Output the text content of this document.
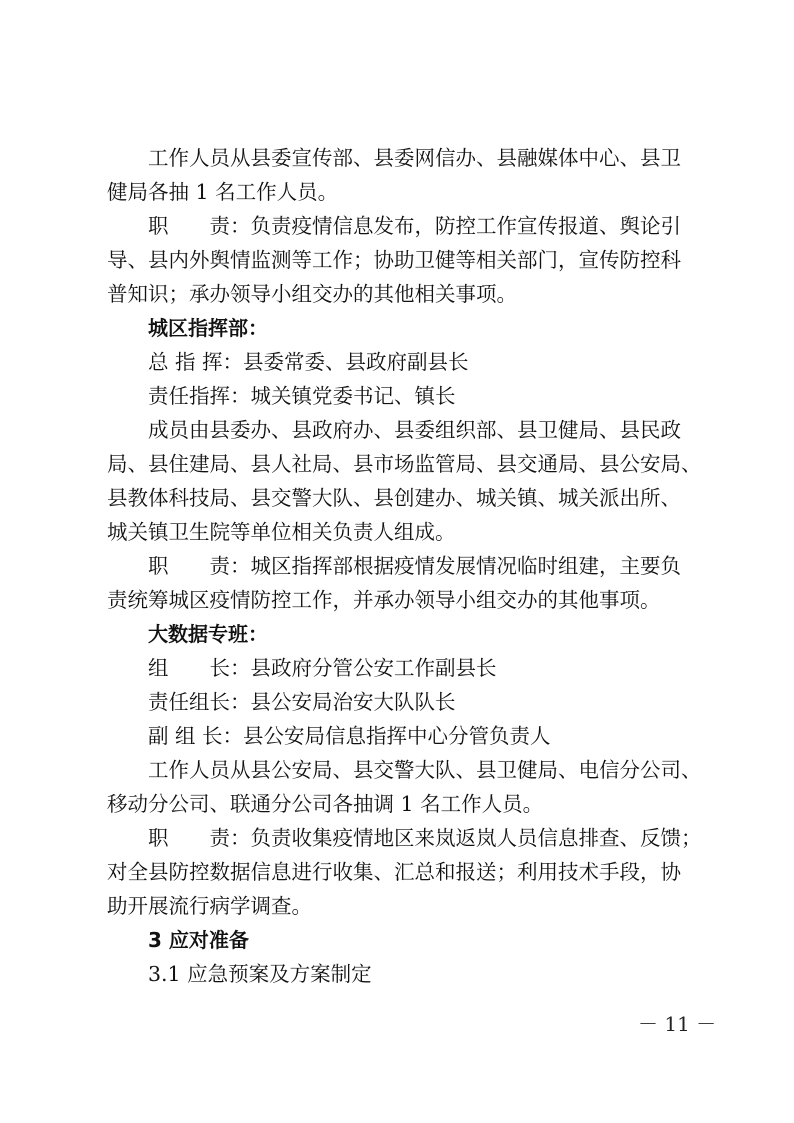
工作人员从县委宣传部、县委网信办、县融媒体中心、县卫
健局各抽 1 名工作人员。
职　　责：负责疫情信息发布，防控工作宣传报道、舆论引
导、县内外舆情监测等工作；协助卫健等相关部门，宣传防控科
普知识；承办领导小组交办的其他相关事项。
城区指挥部：
总 指 挥：县委常委、县政府副县长
责任指挥：城关镇党委书记、镇长
成员由县委办、县政府办、县委组织部、县卫健局、县民政
局、县住建局、县人社局、县市场监管局、县交通局、县公安局、
县教体科技局、县交警大队、县创建办、城关镇、城关派出所、
城关镇卫生院等单位相关负责人组成。
职　　责：城区指挥部根据疫情发展情况临时组建，主要负
责统筹城区疫情防控工作，并承办领导小组交办的其他事项。
大数据专班：
组　　长：县政府分管公安工作副县长
责任组长：县公安局治安大队队长
副 组 长：县公安局信息指挥中心分管负责人
工作人员从县公安局、县交警大队、县卫健局、电信分公司、
移动分公司、联通分公司各抽调 1 名工作人员。
职　　责：负责收集疫情地区来岚返岚人员信息排查、反馈；
对全县防控数据信息进行收集、汇总和报送；利用技术手段，协
助开展流行病学调查。
3 应对准备
3.1 应急预案及方案制定
－ 11 －
